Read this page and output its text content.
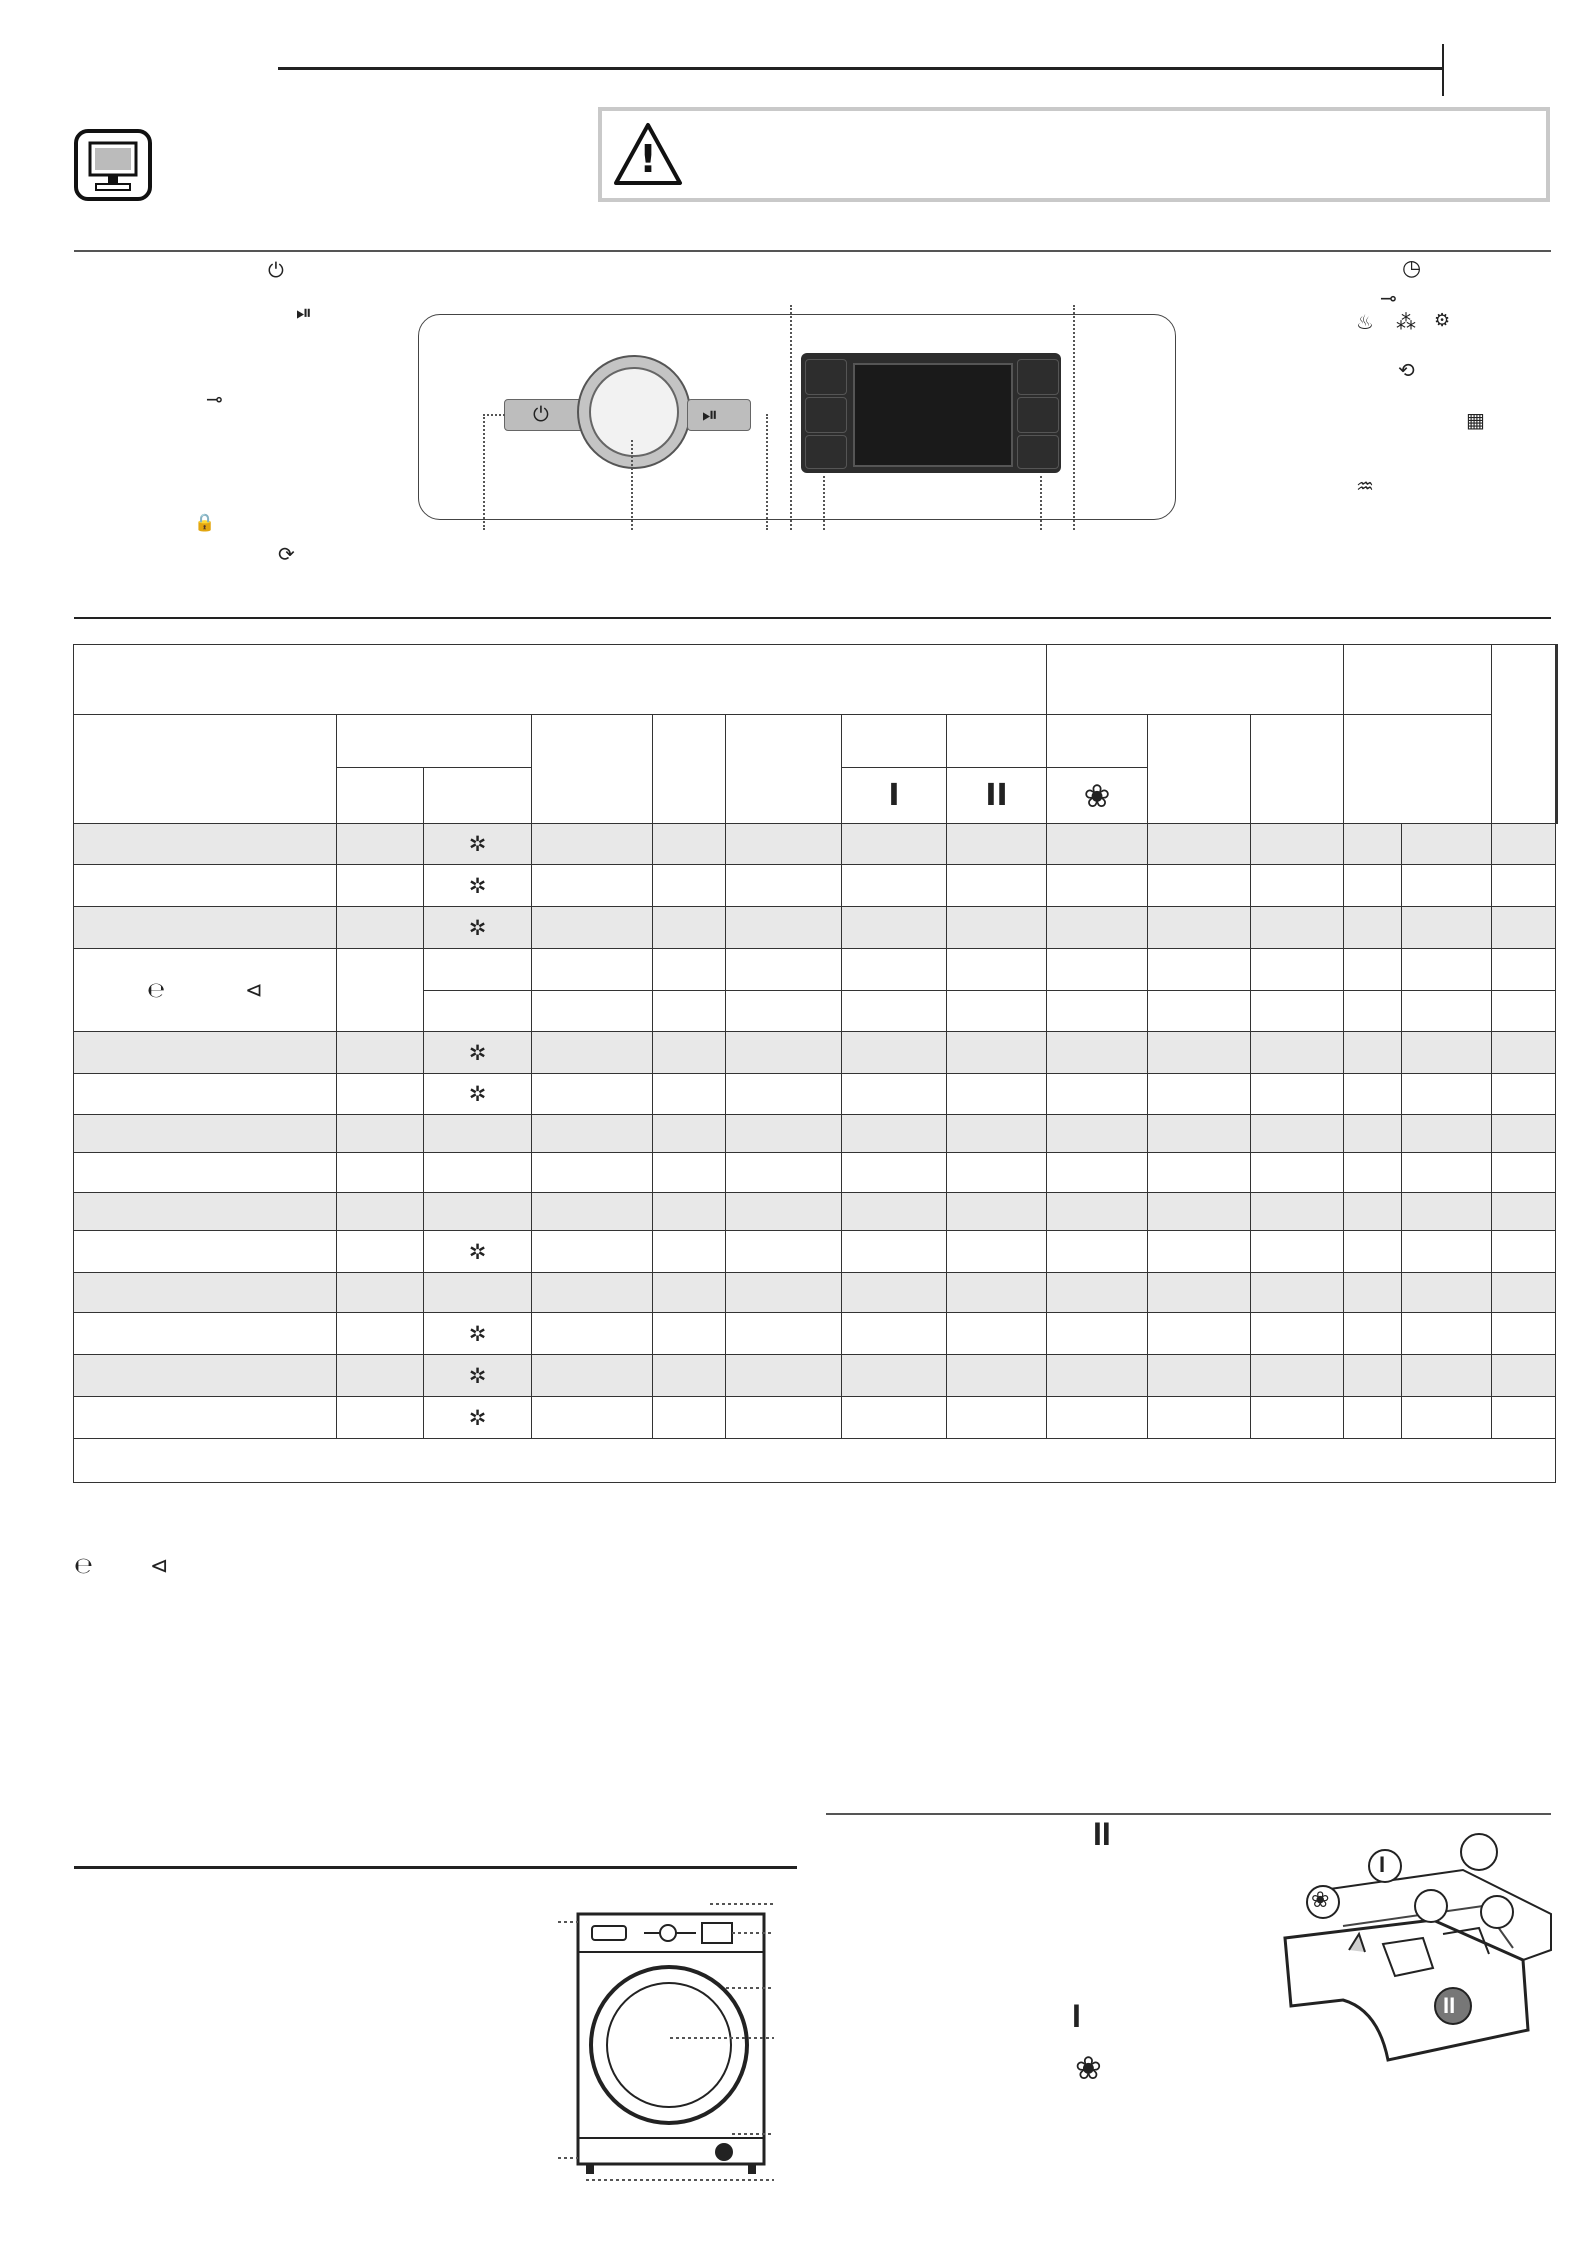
!
⏻
⏯
⊸
🔒
⟳
◷
⊸
♨ ⁂ ⚙
⟲
▦
♒
⏻	⏯

						I	II	❀						
		✲												
		✲												
		✲												
℮ ⊲														

		✲												
		✲												

		✲												

		✲												
		✲												
		✲												

℮	⊲
II
I
❀
I
II
❀
